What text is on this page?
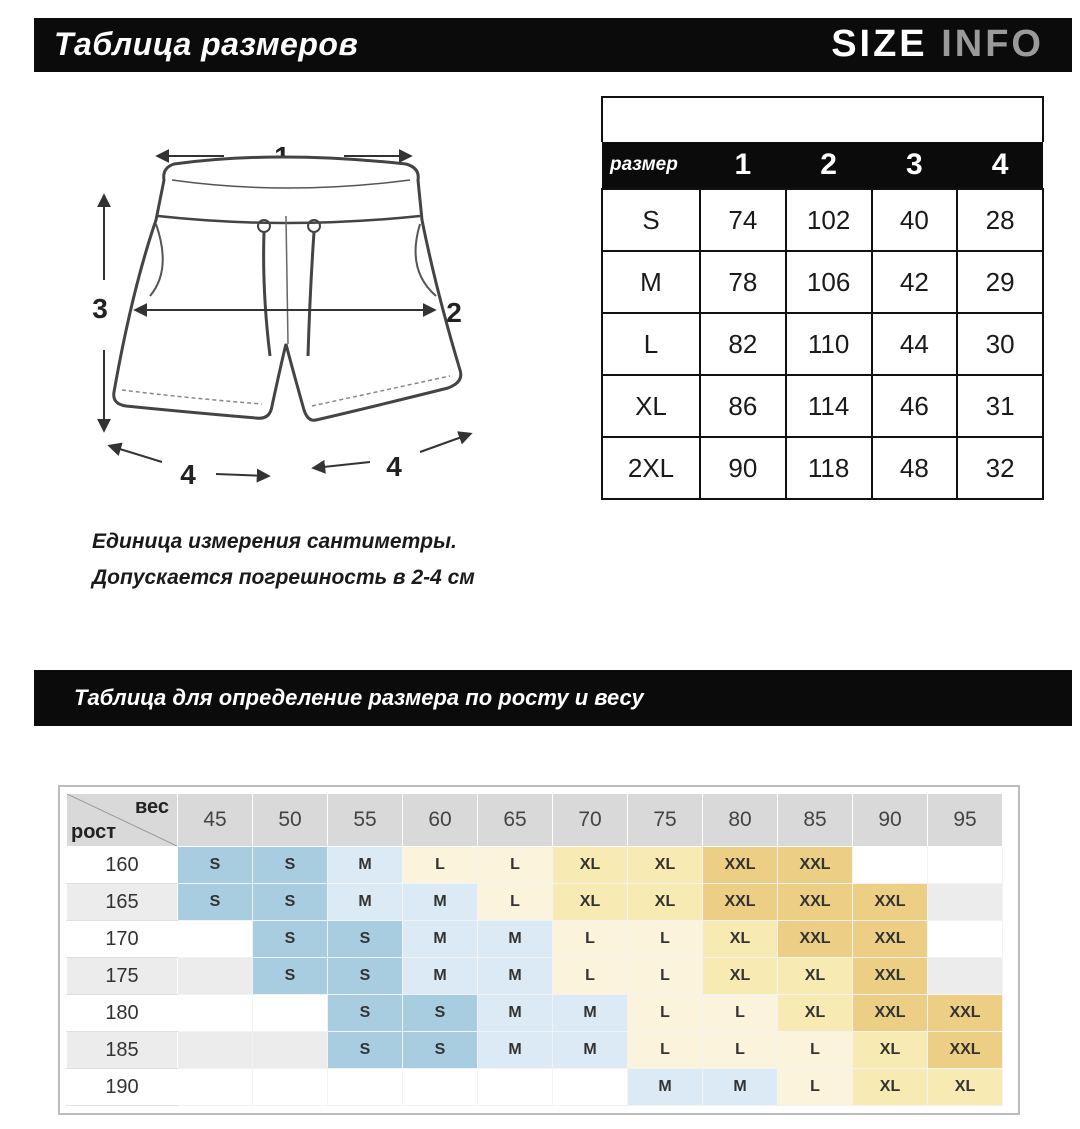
Таблица размеров	SIZE INFO
3	2
4	4
размер	1	2	3	4
S	74	102	40	28
M	78	106	42	29
L	82	110	44	30
XL	86	114	46	31
2XL	90	118	48	32
Единица измерения сантиметры.
Допускается погрешность в 2-4 см
Таблица для определение размера по росту и весу
вес
рост	45	50	55	60	65	70	75	80	85	90	95
160	S	S	M	L	L	XL	XL	XXL	XXL		
165	S	S	M	M	L	XL	XL	XXL	XXL	XXL	
170		S	S	M	M	L	L	XL	XXL	XXL	
175		S	S	M	M	L	L	XL	XL	XXL	
180			S	S	M	M	L	L	XL	XXL	XXL
185			S	S	M	M	L	L	L	XL	XXL
190							M	M	L	XL	XL
